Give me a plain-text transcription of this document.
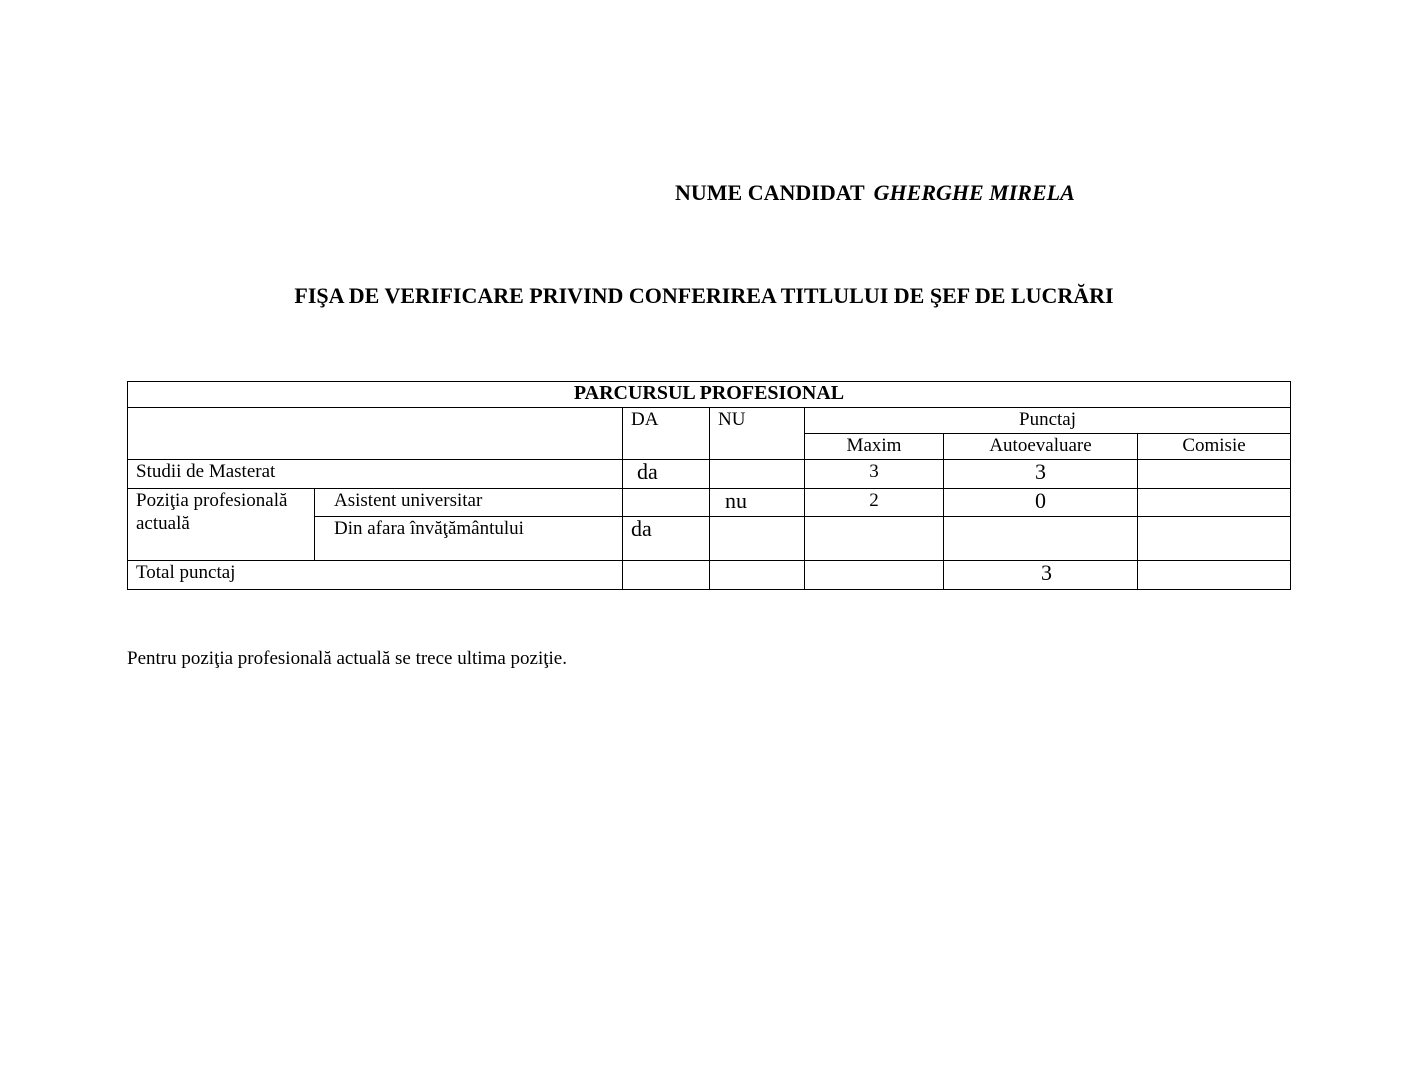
NUME CANDIDAT GHERGHE MIRELA
FIŞA DE VERIFICARE PRIVIND CONFERIREA TITLULUI DE ŞEF DE LUCRĂRI
PARCURSUL PROFESIONAL						
		DA	NU	Punctaj		
				Maxim	Autoevaluare	Comisie
Studii de Masterat		da		3	3	
Poziţia profesională actuală	Asistent universitar		nu	2	0	
	Din afara învăţământului	da				
Total punctaj					3	
Pentru poziţia profesională actuală se trece ultima poziţie.
